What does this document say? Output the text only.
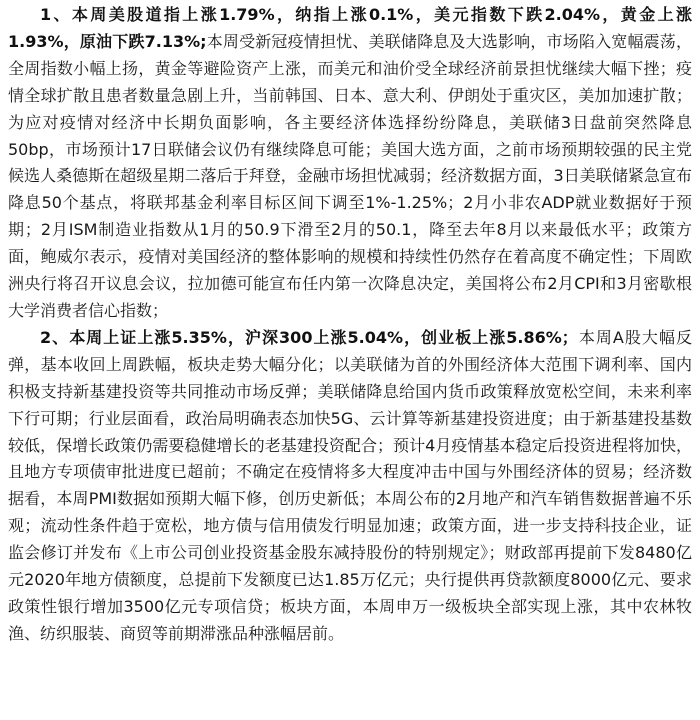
1、本周美股道指上涨1.79%，纳指上涨0.1%，美元指数下跌2.04%，黄金上涨1.93%，原油下跌7.13%;本周受新冠疫情担忧、美联储降息及大选影响，市场陷入宽幅震荡，全周指数小幅上扬，黄金等避险资产上涨，而美元和油价受全球经济前景担忧继续大幅下挫；疫情全球扩散且患者数量急剧上升，当前韩国、日本、意大利、伊朗处于重灾区，美加加速扩散；为应对疫情对经济中长期负面影响，各主要经济体选择纷纷降息，美联储3日盘前突然降息50bp，市场预计17日联储会议仍有继续降息可能；美国大选方面，之前市场预期较强的民主党候选人桑德斯在超级星期二落后于拜登，金融市场担忧减弱；经济数据方面，3日美联储紧急宣布降息50个基点，将联邦基金利率目标区间下调至1%-1.25%；2月小非农ADP就业数据好于预期；2月ISM制造业指数从1月的50.9下滑至2月的50.1，降至去年8月以来最低水平；政策方面，鲍威尔表示，疫情对美国经济的整体影响的规模和持续性仍然存在着高度不确定性；下周欧洲央行将召开议息会议，拉加德可能宣布任内第一次降息决定，美国将公布2月CPI和3月密歇根大学消费者信心指数；

2、本周上证上涨5.35%，沪深300上涨5.04%，创业板上涨5.86%；本周A股大幅反弹，基本收回上周跌幅，板块走势大幅分化；以美联储为首的外围经济体大范围下调利率、国内积极支持新基建投资等共同推动市场反弹；美联储降息给国内货币政策释放宽松空间，未来利率下行可期；行业层面看，政治局明确表态加快5G、云计算等新基建投资进度；由于新基建投基数较低，保增长政策仍需要稳健增长的老基建投资配合；预计4月疫情基本稳定后投资进程将加快，且地方专项债审批进度已超前；不确定在疫情将多大程度冲击中国与外围经济体的贸易；经济数据看，本周PMI数据如预期大幅下修，创历史新低；本周公布的2月地产和汽车销售数据普遍不乐观；流动性条件趋于宽松，地方债与信用债发行明显加速；政策方面，进一步支持科技企业，证监会修订并发布《上市公司创业投资基金股东减持股份的特别规定》；财政部再提前下发8480亿元2020年地方债额度，总提前下发额度已达1.85万亿元；央行提供再贷款额度8000亿元、要求政策性银行增加3500亿元专项信贷；板块方面，本周申万一级板块全部实现上涨，其中农林牧渔、纺织服装、商贸等前期滞涨品种涨幅居前。
